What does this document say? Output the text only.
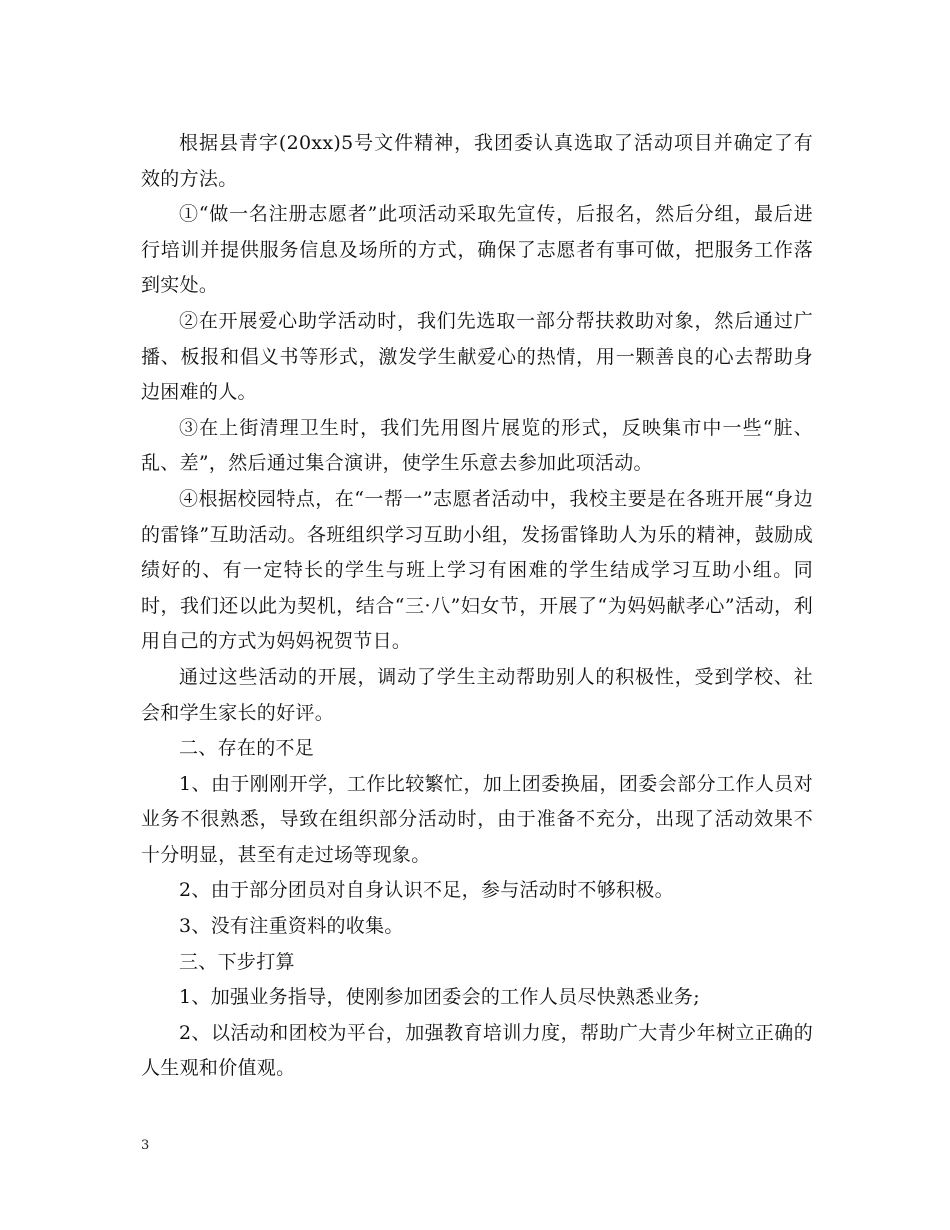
根据县青字(20xx)5号文件精神，我团委认真选取了活动项目并确定了有效的方法。

①“做一名注册志愿者”此项活动采取先宣传，后报名，然后分组，最后进行培训并提供服务信息及场所的方式，确保了志愿者有事可做，把服务工作落到实处。

②在开展爱心助学活动时，我们先选取一部分帮扶救助对象，然后通过广播、板报和倡义书等形式，激发学生献爱心的热情，用一颗善良的心去帮助身边困难的人。

③在上街清理卫生时，我们先用图片展览的形式，反映集市中一些“脏、乱、差”，然后通过集合演讲，使学生乐意去参加此项活动。

④根据校园特点，在“一帮一”志愿者活动中，我校主要是在各班开展“身边的雷锋”互助活动。各班组织学习互助小组，发扬雷锋助人为乐的精神，鼓励成绩好的、有一定特长的学生与班上学习有困难的学生结成学习互助小组。同时，我们还以此为契机，结合“三·八”妇女节，开展了“为妈妈献孝心”活动，利用自己的方式为妈妈祝贺节日。

通过这些活动的开展，调动了学生主动帮助别人的积极性，受到学校、社会和学生家长的好评。

二、存在的不足

1、由于刚刚开学，工作比较繁忙，加上团委换届，团委会部分工作人员对业务不很熟悉，导致在组织部分活动时，由于准备不充分，出现了活动效果不十分明显，甚至有走过场等现象。

2、由于部分团员对自身认识不足，参与活动时不够积极。

3、没有注重资料的收集。

三、下步打算

1、加强业务指导，使刚参加团委会的工作人员尽快熟悉业务;

2、以活动和团校为平台，加强教育培训力度，帮助广大青少年树立正确的人生观和价值观。

3
